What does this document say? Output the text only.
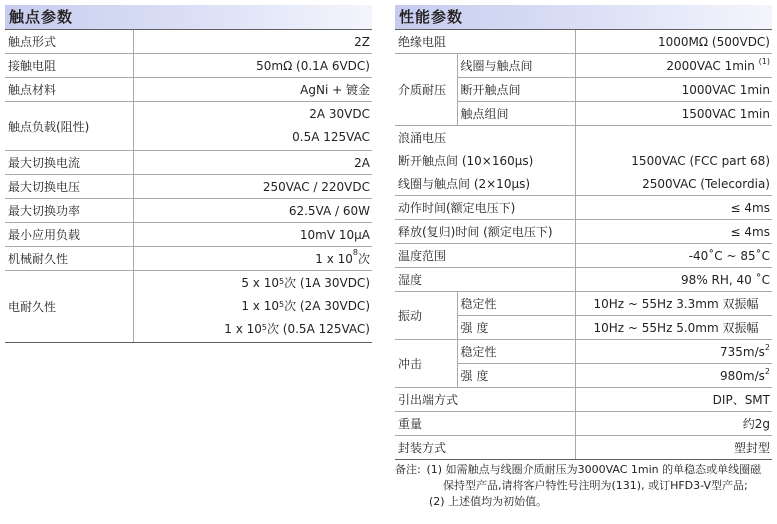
触点参数
触点形式	2Z
接触电阻	50mΩ (0.1A 6VDC)
触点材料	AgNi + 镀金
触点负载(阻性)	2A 30VDC
0.5A 125VAC

最大切换电流	2A
最大切换电压	250VAC / 220VDC
最大切换功率	62.5VA / 60W
最小应用负载	10mV 10μA
机械耐久性	1 x $10^8$次
电耐久性	5 x $10^5$次 (1A 30VDC)
1 x $10^5$次 (2A 30VDC)
1 x $10^5$次 (0.5A 125VAC)
性能参数
绝缘电阻		1000MΩ (500VDC)
介质耐压	线圈与触点间	2000VAC 1min $^{(1)}$
	断开触点间	1000VAC 1min
	触点组间	1500VAC 1min
浪涌电压		
断开触点间 (10×160μs)		1500VAC (FCC part 68)
线圈与触点间 (2×10μs)		2500VAC (Telecordia)
动作时间(额定电压下)		≤ 4ms
释放(复归)时间 (额定电压下)		≤ 4ms
温度范围		-40˚C ~ 85˚C
湿度		98% RH, 40 ˚C
振动	稳定性	10Hz ~ 55Hz 3.3mm 双振幅
	强 度	10Hz ~ 55Hz 5.0mm 双振幅
冲击	稳定性	$735m/s^2$
	强 度	$980m/s^2$
引出端方式		DIP、SMT
重量		约2g
封装方式		塑封型
备注: (1) 如需触点与线圈介质耐压为3000VAC 1min 的单稳态或单线圈磁
保持型产品,请将客户特性号注明为(131), 或订HFD3-V型产品;
(2) 上述值均为初始值。
